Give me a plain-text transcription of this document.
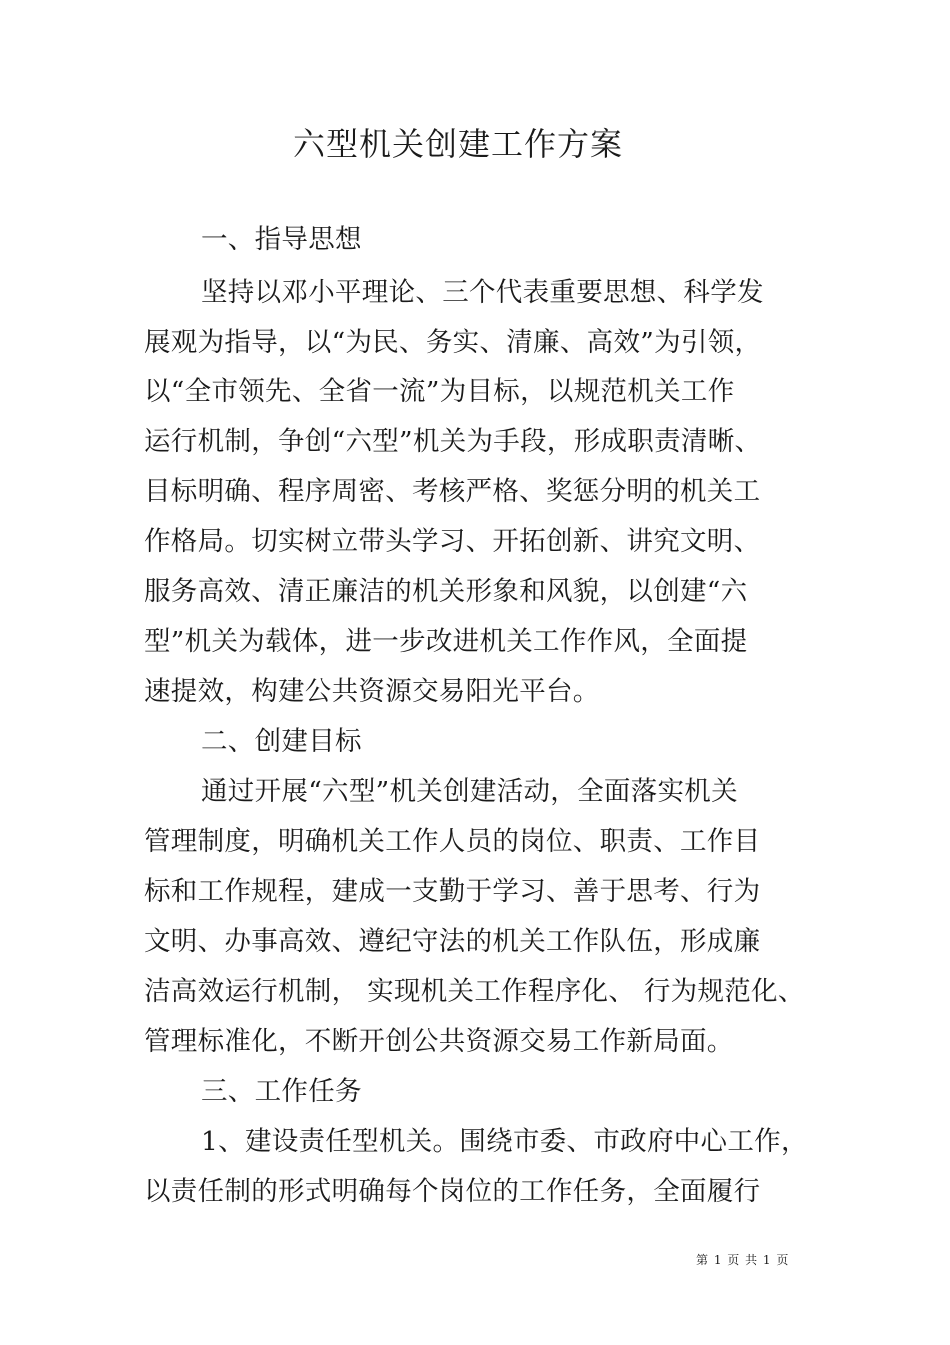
六型机关创建工作方案
一、指导思想
坚持以邓小平理论、三个代表重要思想、科学发
展观为指导，以“为民、务实、清廉、高效”为引领，
以“全市领先、全省一流”为目标，以规范机关工作
运行机制，争创“六型”机关为手段，形成职责清晰、
目标明确、程序周密、考核严格、奖惩分明的机关工
作格局。切实树立带头学习、开拓创新、讲究文明、
服务高效、清正廉洁的机关形象和风貌，以创建“六
型”机关为载体，进一步改进机关工作作风，全面提
速提效，构建公共资源交易阳光平台。
二、创建目标
通过开展“六型”机关创建活动，全面落实机关
管理制度，明确机关工作人员的岗位、职责、工作目
标和工作规程，建成一支勤于学习、善于思考、行为
文明、办事高效、遵纪守法的机关工作队伍，形成廉
洁高效运行机制， 实现机关工作程序化、 行为规范化、
管理标准化，不断开创公共资源交易工作新局面。
三、工作任务
1、建设责任型机关。围绕市委、市政府中心工作，
以责任制的形式明确每个岗位的工作任务，全面履行
第 1 页 共 1 页
